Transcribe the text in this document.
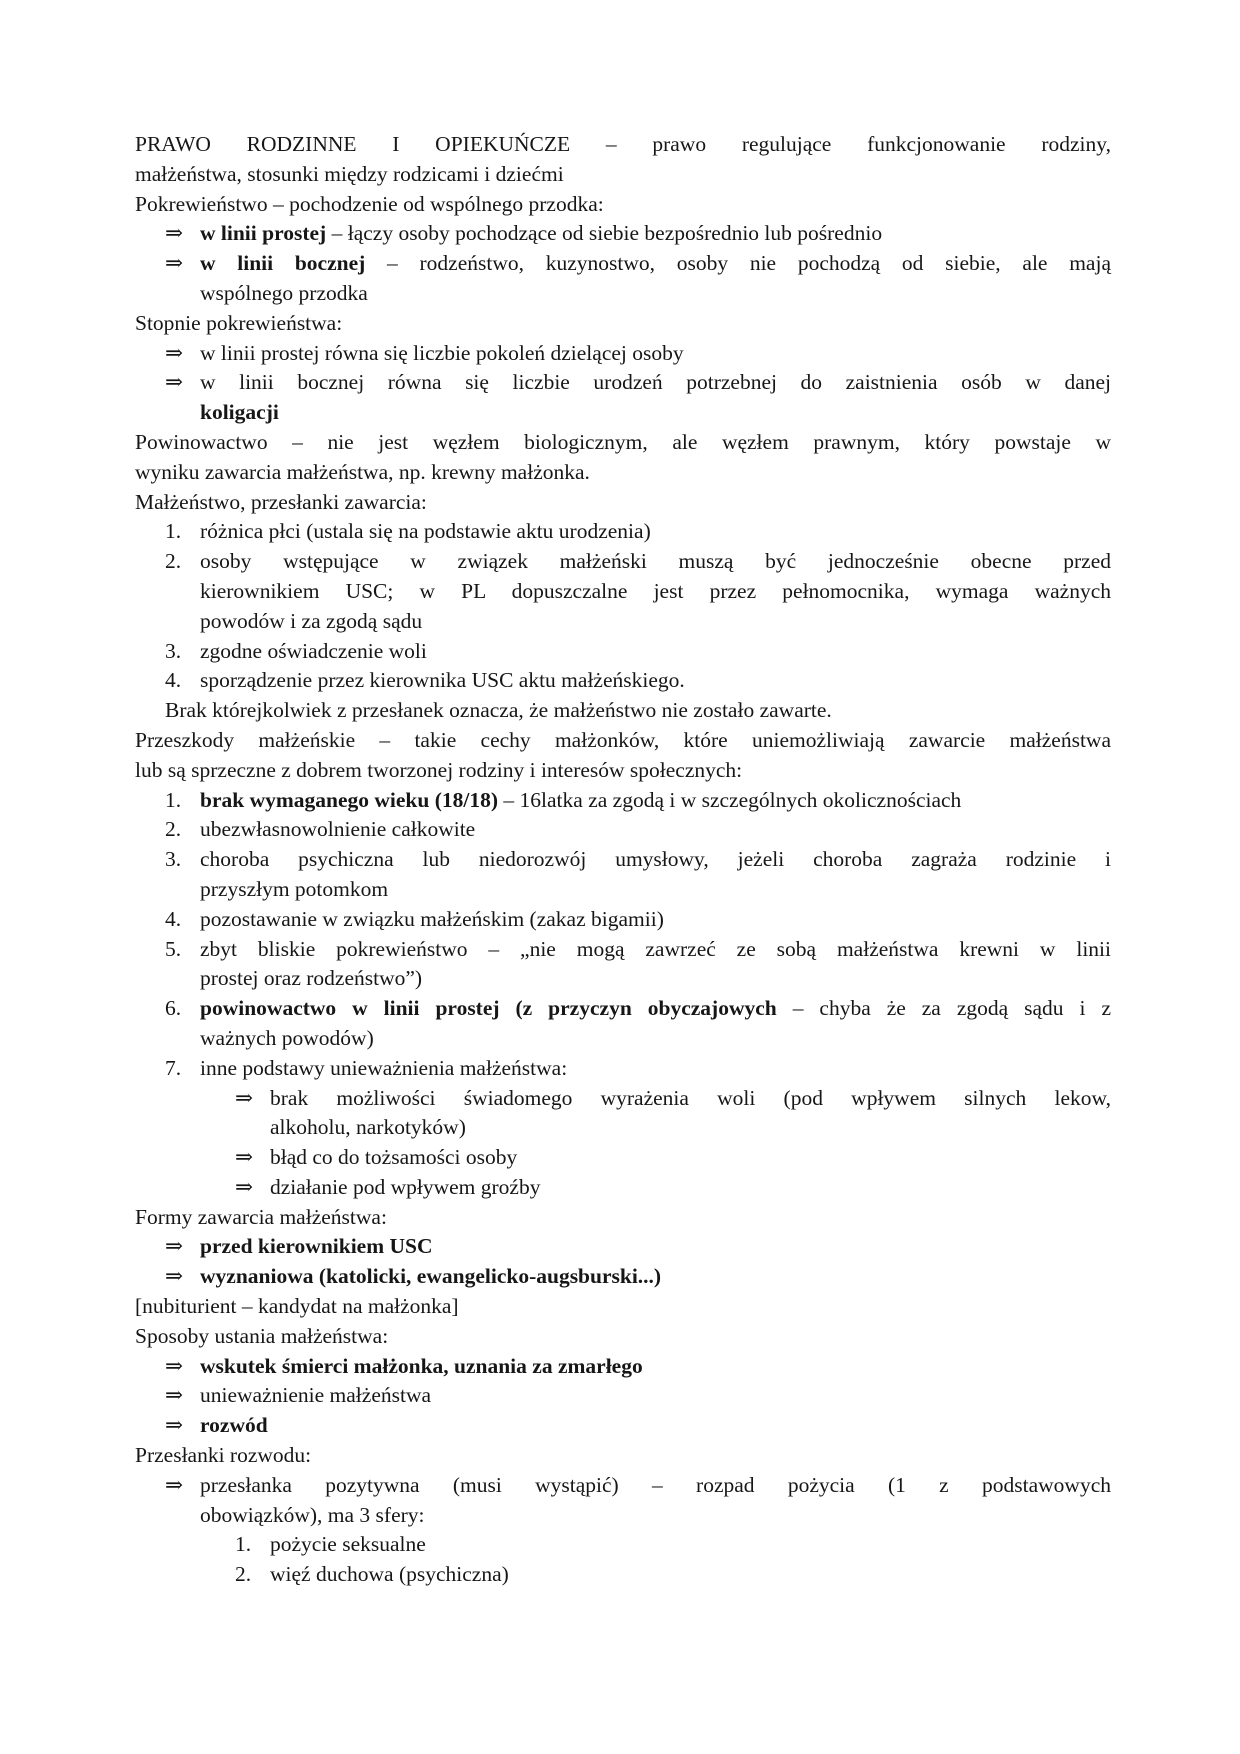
PRAWO RODZINNE I OPIEKUŃCZE – prawo regulujące funkcjonowanie rodziny,
małżeństwa, stosunki między rodzicami i dziećmi
Pokrewieństwo – pochodzenie od wspólnego przodka:
⇒ w linii prostej – łączy osoby pochodzące od siebie bezpośrednio lub pośrednio
⇒ w linii bocznej – rodzeństwo, kuzynostwo, osoby nie pochodzą od siebie, ale mają
wspólnego przodka
Stopnie pokrewieństwa:
⇒ w linii prostej równa się liczbie pokoleń dzielącej osoby
⇒ w linii bocznej równa się liczbie urodzeń potrzebnej do zaistnienia osób w danej
koligacji
Powinowactwo – nie jest węzłem biologicznym, ale węzłem prawnym, który powstaje w
wyniku zawarcia małżeństwa, np. krewny małżonka.
Małżeństwo, przesłanki zawarcia:
1. różnica płci (ustala się na podstawie aktu urodzenia)
2. osoby wstępujące w związek małżeński muszą być jednocześnie obecne przed
kierownikiem USC; w PL dopuszczalne jest przez pełnomocnika, wymaga ważnych
powodów i za zgodą sądu
3. zgodne oświadczenie woli
4. sporządzenie przez kierownika USC aktu małżeńskiego.
Brak którejkolwiek z przesłanek oznacza, że małżeństwo nie zostało zawarte.
Przeszkody małżeńskie – takie cechy małżonków, które uniemożliwiają zawarcie małżeństwa
lub są sprzeczne z dobrem tworzonej rodziny i interesów społecznych:
1. brak wymaganego wieku (18/18) – 16latka za zgodą i w szczególnych okolicznościach
2. ubezwłasnowolnienie całkowite
3. choroba psychiczna lub niedorozwój umysłowy, jeżeli choroba zagraża rodzinie i
przyszłym potomkom
4. pozostawanie w związku małżeńskim (zakaz bigamii)
5. zbyt bliskie pokrewieństwo – „nie mogą zawrzeć ze sobą małżeństwa krewni w linii
prostej oraz rodzeństwo”)
6. powinowactwo w linii prostej (z przyczyn obyczajowych – chyba że za zgodą sądu i z
ważnych powodów)
7. inne podstawy unieważnienia małżeństwa:
⇒ brak możliwości świadomego wyrażenia woli (pod wpływem silnych lekow,
alkoholu, narkotyków)
⇒ błąd co do tożsamości osoby
⇒ działanie pod wpływem groźby
Formy zawarcia małżeństwa:
⇒ przed kierownikiem USC
⇒ wyznaniowa (katolicki, ewangelicko-augsburski...)
[nubiturient – kandydat na małżonka]
Sposoby ustania małżeństwa:
⇒ wskutek śmierci małżonka, uznania za zmarłego
⇒ unieważnienie małżeństwa
⇒ rozwód
Przesłanki rozwodu:
⇒ przesłanka pozytywna (musi wystąpić) – rozpad pożycia (1 z podstawowych
obowiązków), ma 3 sfery:
1. pożycie seksualne
2. więź duchowa (psychiczna)
